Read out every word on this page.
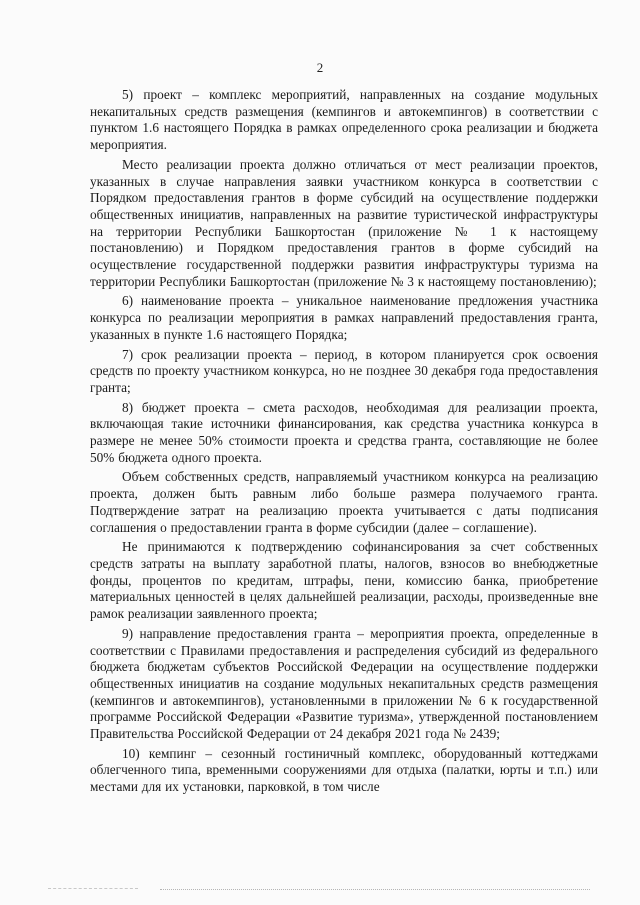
2

5) проект – комплекс мероприятий, направленных на создание модульных некапитальных средств размещения (кемпингов и автокемпингов) в соответствии с пунктом 1.6 настоящего Порядка в рамках определенного срока реализации и бюджета мероприятия.

Место реализации проекта должно отличаться от мест реализации проектов, указанных в случае направления заявки участником конкурса в соответствии с Порядком предоставления грантов в форме субсидий на осуществление поддержки общественных инициатив, направленных на развитие туристической инфраструктуры на территории Республики Башкортостан (приложение № 1 к настоящему постановлению) и Порядком предоставления грантов в форме субсидий на осуществление государственной поддержки развития инфраструктуры туризма на территории Республики Башкортостан (приложение № 3 к настоящему постановлению);

6) наименование проекта – уникальное наименование предложения участника конкурса по реализации мероприятия в рамках направлений предоставления гранта, указанных в пункте 1.6 настоящего Порядка;

7) срок реализации проекта – период, в котором планируется срок освоения средств по проекту участником конкурса, но не позднее 30 декабря года предоставления гранта;

8) бюджет проекта – смета расходов, необходимая для реализации проекта, включающая такие источники финансирования, как средства участника конкурса в размере не менее 50% стоимости проекта и средства гранта, составляющие не более 50% бюджета одного проекта.

Объем собственных средств, направляемый участником конкурса на реализацию проекта, должен быть равным либо больше размера получаемого гранта. Подтверждение затрат на реализацию проекта учитывается с даты подписания соглашения о предоставлении гранта в форме субсидии (далее – соглашение).

Не принимаются к подтверждению софинансирования за счет собственных средств затраты на выплату заработной платы, налогов, взносов во внебюджетные фонды, процентов по кредитам, штрафы, пени, комиссию банка, приобретение материальных ценностей в целях дальнейшей реализации, расходы, произведенные вне рамок реализации заявленного проекта;

9) направление предоставления гранта – мероприятия проекта, определенные в соответствии с Правилами предоставления и распределения субсидий из федерального бюджета бюджетам субъектов Российской Федерации на осуществление поддержки общественных инициатив на создание модульных некапитальных средств размещения (кемпингов и автокемпингов), установленными в приложении № 6 к государственной программе Российской Федерации «Развитие туризма», утвержденной постановлением Правительства Российской Федерации от 24 декабря 2021 года № 2439;

10) кемпинг – сезонный гостиничный комплекс, оборудованный коттеджами облегченного типа, временными сооружениями для отдыха (палатки, юрты и т.п.) или местами для их установки, парковкой, в том числе
